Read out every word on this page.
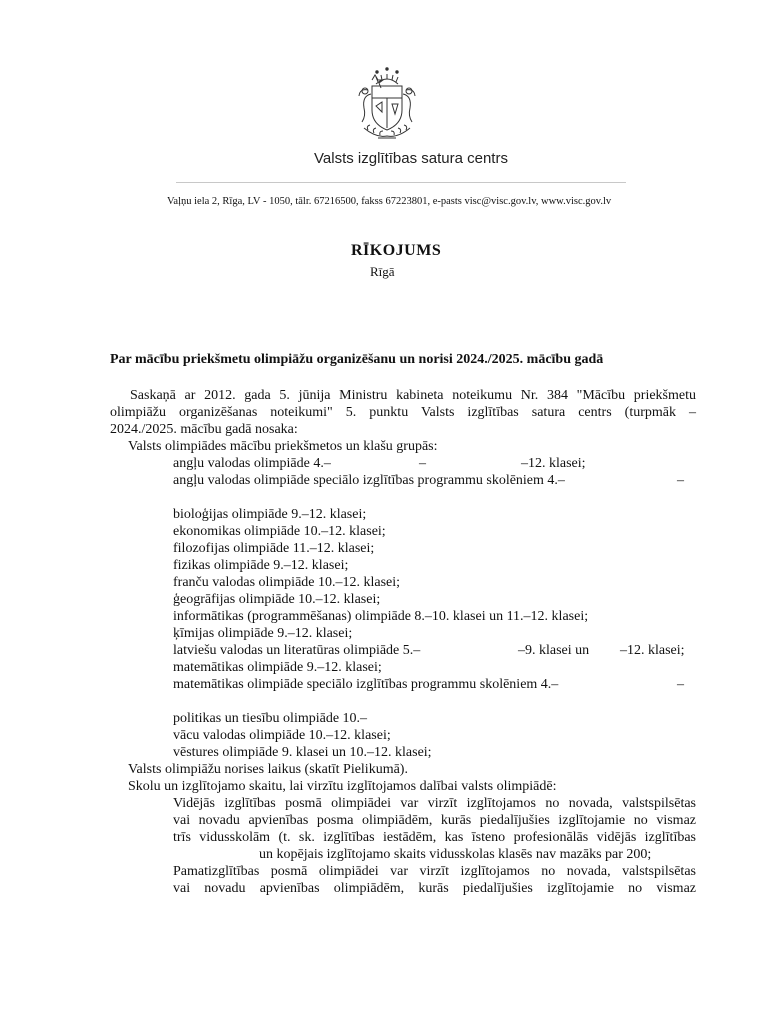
Valsts izglītības satura centrs
Vaļņu iela 2, Rīga, LV - 1050, tālr. 67216500, fakss 67223801, e-pasts visc@visc.gov.lv, www.visc.gov.lv
RĪKOJUMS
Rīgā
Par mācību priekšmetu olimpiāžu organizēšanu un norisi 2024./2025. mācību gadā
Saskaņā ar 2012. gada 5. jūnija Ministru kabineta noteikumu Nr. 384 "Mācību priekšmetu
olimpiāžu organizēšanas noteikumi" 5. punktu Valsts izglītības satura centrs (turpmāk –
2024./2025. mācību gadā nosaka:
Valsts olimpiādes mācību priekšmetos un klašu grupās:
angļu valodas olimpiāde 4.–	–	–12. klasei;
angļu valodas olimpiāde speciālo izglītības programmu skolēniem 4.–	–
bioloģijas olimpiāde 9.–12. klasei;
ekonomikas olimpiāde 10.–12. klasei;
filozofijas olimpiāde 11.–12. klasei;
fizikas olimpiāde 9.–12. klasei;
franču valodas olimpiāde 10.–12. klasei;
ģeogrāfijas olimpiāde 10.–12. klasei;
informātikas (programmēšanas) olimpiāde 8.–10. klasei un 11.–12. klasei;
ķīmijas olimpiāde 9.–12. klasei;
latviešu valodas un literatūras olimpiāde 5.–	–9. klasei un –12. klasei;
matemātikas olimpiāde 9.–12. klasei;
matemātikas olimpiāde speciālo izglītības programmu skolēniem 4.–	–
politikas un tiesību olimpiāde 10.–
vācu valodas olimpiāde 10.–12. klasei;
vēstures olimpiāde 9. klasei un 10.–12. klasei;
Valsts olimpiāžu norises laikus (skatīt Pielikumā).
Skolu un izglītojamo skaitu, lai virzītu izglītojamos dalībai valsts olimpiādē:
Vidējās izglītības posmā olimpiādei var virzīt izglītojamos no novada, valstspilsētas
vai novadu apvienības posma olimpiādēm, kurās piedalījušies izglītojamie no vismaz
trīs vidusskolām (t. sk. izglītības iestādēm, kas īsteno profesionālās vidējās izglītības
un kopējais izglītojamo skaits vidusskolas klasēs nav mazāks par 200;
Pamatizglītības posmā olimpiādei var virzīt izglītojamos no novada, valstspilsētas
vai novadu apvienības olimpiādēm, kurās piedalījušies izglītojamie no vismaz
